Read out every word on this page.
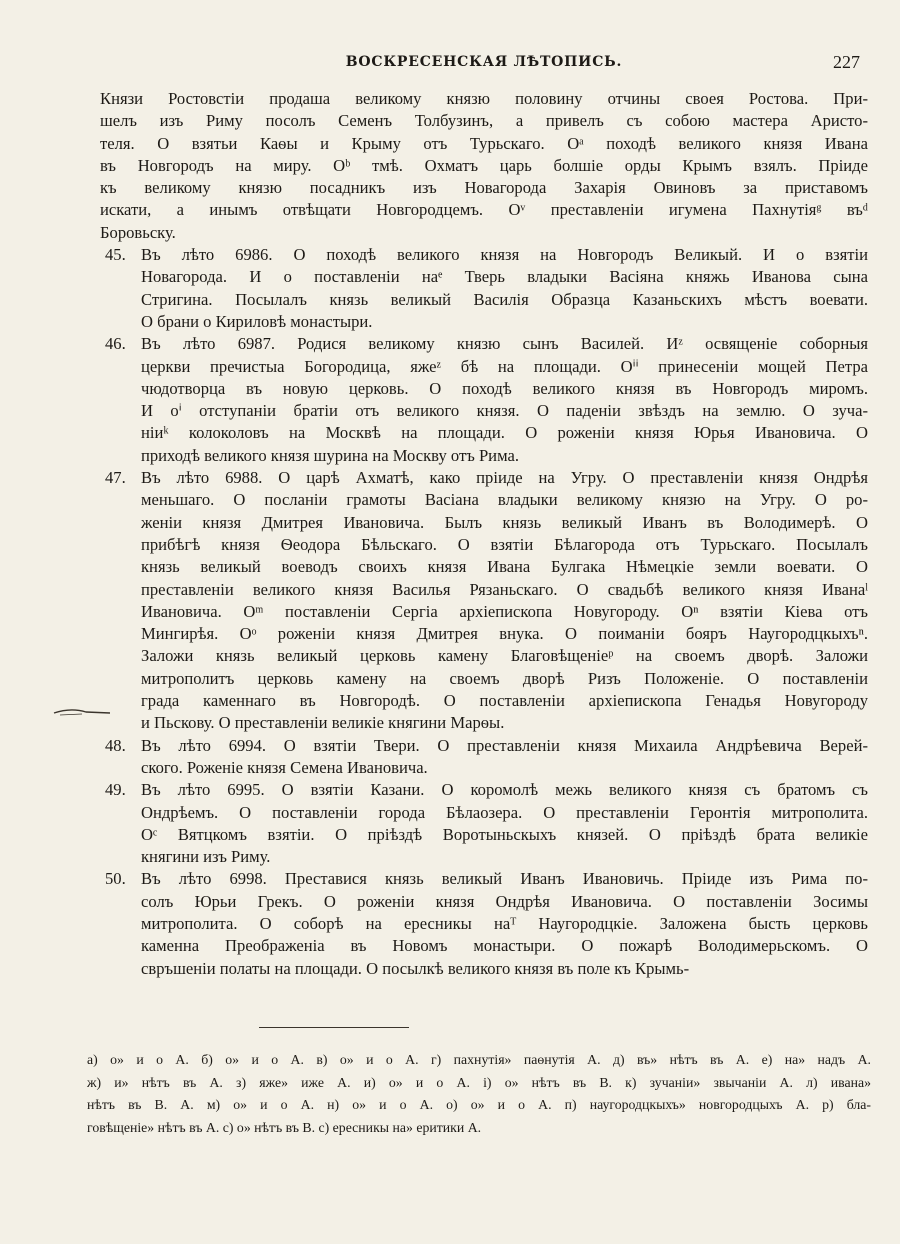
ВОСКРЕСЕНСКАЯ ЛѢТОПИСЬ.	227
Князи Ростовстіи продаша великому князю половину отчины своея Ростова. При-
шелъ изъ Риму посолъ Семенъ Толбузинъ, а привелъ съ собою мастера Аристо-
теля. О взятьи Каѳы и Крыму отъ Турьскаго. Оᵃ походѣ великого князя Ивана
въ Новгородъ на миру. Оᵇ тмѣ. Охматъ царь болшіе орды Крымъ взялъ. Пріиде
къ великому князю посадникъ изъ Новагорода Захарія Овиновъ за приставомъ
искати, а инымъ отвѣщати Новгородцемъ. Оᵛ преставленіи игумена Пахнутіяᵍ въᵈ
Боровьску.
45. Въ лѣто 6986. О походѣ великого князя на Новгородъ Великый. И о взятіи
Новагорода. И о поставленіи наᵉ Тверь владыки Васіяна княжь Иванова сына
Стригина. Посылалъ князь великый Василія Образца Казаньскихъ мѣстъ воевати.
О брани о Кириловѣ монастыри.
46. Въ лѣто 6987. Родися великому князю сынъ Василей. Иᶻ освященіе соборныя
церкви пречистыа Богородица, яжеᶻ бѣ на площади. Оⁱⁱ принесеніи мощей Петра
чюдотворца въ новую церковь. О походѣ великого князя въ Новгородъ миромъ.
И oⁱ отступаніи братіи отъ великого князя. О паденіи звѣздъ на землю. О зуча-
ніиᵏ колоколовъ на Москвѣ на площади. О роженіи князя Юрья Ивановича. О
приходѣ великого князя шурина на Москву отъ Рима.
47. Въ лѣто 6988. О царѣ Ахматѣ, како пріиде на Угру. О преставленіи князя Ондрѣя
меньшаго. О посланіи грамоты Васіана владыки великому князю на Угру. О ро-
женіи князя Дмитрея Ивановича. Былъ князь великый Иванъ въ Володимерѣ. О
прибѣгѣ князя Ѳеодора Бѣльскаго. О взятіи Бѣлагорода отъ Турьскаго. Посылалъ
князь великый воеводъ своихъ князя Ивана Булгака Нѣмецкіе земли воевати. О
преставленіи великого князя Василья Рязаньскаго. О свадьбѣ великого князя Иванаˡ
Ивановича. Оᵐ поставленіи Сергіа архіепископа Новугороду. Оⁿ взятіи Кіева отъ
Мингирѣя. Оᵒ роженіи князя Дмитрея внука. О поиманіи бояръ Наугородцкыхъⁿ.
Заложи князь великый церковь камену Благовѣщеніеᵖ на своемъ дворѣ. Заложи
митрополитъ церковь камену на своемъ дворѣ Ризъ Положеніе. О поставленіи
града каменнаго въ Новгородѣ. О поставленіи архіепископа Генадья Новугороду
и Пьскову. О преставленіи великіе княгини Марѳы.
48. Въ лѣто 6994. О взятіи Твери. О преставленіи князя Михаила Андрѣевича Верей-
ского. Роженіе князя Семена Ивановича.
49. Въ лѣто 6995. О взятіи Казани. О коромолѣ межь великого князя съ братомъ съ
Ондрѣемъ. О поставленіи города Бѣлаозера. О преставленіи Геронтія митрополита.
Оᶜ Вятцкомъ взятіи. О пріѣздѣ Воротыньскыхъ князей. О пріѣздѣ брата великіе
княгини изъ Риму.
50. Въ лѣто 6998. Преставися князь великый Иванъ Ивановичь. Пріиде изъ Рима по-
солъ Юрьи Грекъ. О роженіи князя Ондрѣя Ивановича. О поставленіи Зосимы
митрополита. О соборѣ на ересникы наᵀ Наугородцкіе. Заложена бысть церковь
каменна Преображеніа въ Новомъ монастыри. О пожарѣ Володимерьскомъ. О
свръшеніи полаты на площади. О посылкѣ великого князя въ поле къ Крымь-
а) о» и о А. б) о» и о А. в) о» и о А. г) пахнутія» паѳнутія А. д) въ» нѣтъ въ А. е) на» надъ А.
ж) и» нѣтъ въ А. з) яже» иже А. и) о» и о А. і) о» нѣтъ въ В. к) зучаніи» звычаніи А. л) ивана»
нѣтъ въ В. А. м) о» и о А. н) о» и о А. о) о» и о А. п) наугородцкыхъ» новгородцыхъ А. р) бла-
говѣщеніе» нѣтъ въ А. с) о» нѣтъ въ В. с) ересникы на» еритики А.
